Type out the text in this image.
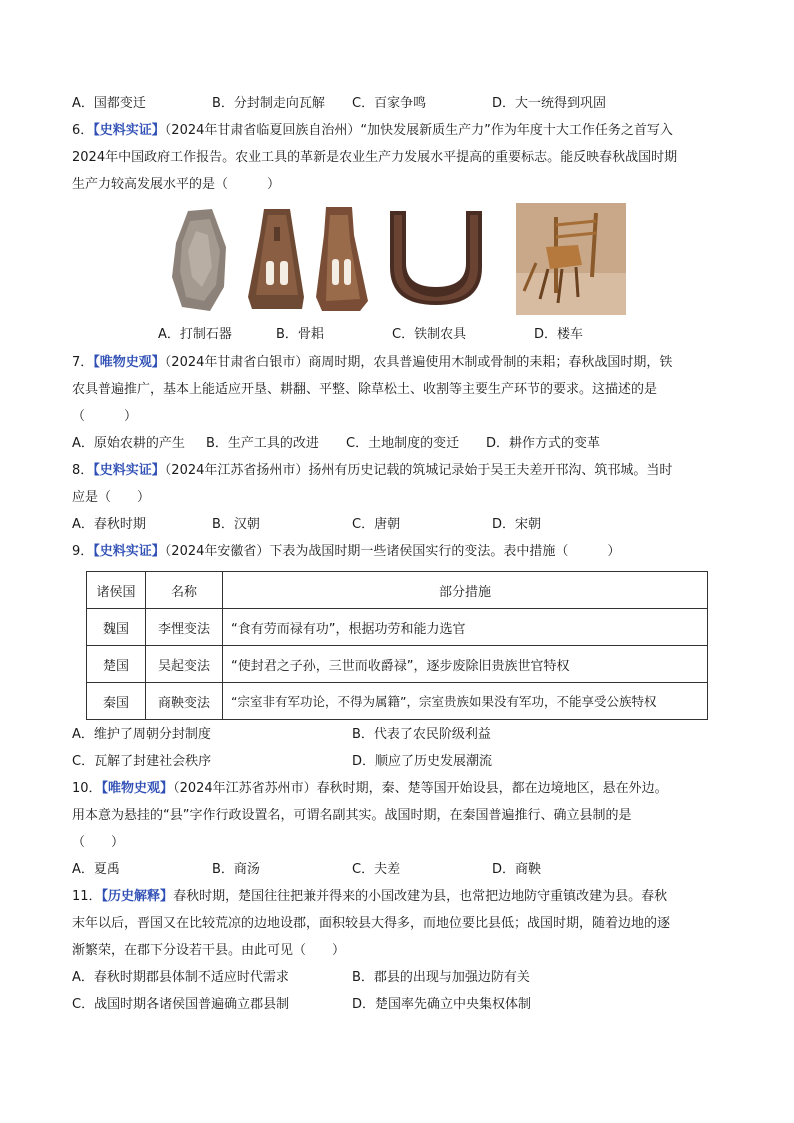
A．国都变迁	B．分封制走向瓦解 C．百家争鸣	D．大一统得到巩固
6．【史料实证】（2024年甘肃省临夏回族自治州）“加快发展新质生产力”作为年度十大工作任务之首写入
2024年中国政府工作报告。农业工具的革新是农业生产力发展水平提高的重要标志。能反映春秋战国时期
生产力较高发展水平的是（　　　）
A．打制石器	B．骨耜	C．铁制农具	D．楼车
7．【唯物史观】（2024年甘肃省白银市）商周时期，农具普遍使用木制或骨制的耒耜；春秋战国时期，铁
农具普遍推广，基本上能适应开垦、耕翻、平整、除草松土、收割等主要生产环节的要求。这描述的是
（　　　）
A．原始农耕的产生 B．生产工具的改进 C．土地制度的变迁 D．耕作方式的变革
8．【史料实证】（2024年江苏省扬州市）扬州有历史记载的筑城记录始于吴王夫差开邗沟、筑邗城。当时
应是（　　）
A．春秋时期	B．汉朝	C．唐朝	D．宋朝
9．【史料实证】（2024年安徽省）下表为战国时期一些诸侯国实行的变法。表中措施（　　　）
诸侯国	名称	部分措施
魏国	李悝变法	“食有劳而禄有功”，根据功劳和能力选官
楚国	吴起变法	“使封君之子孙，三世而收爵禄”，逐步废除旧贵族世官特权
秦国	商鞅变法	“宗室非有军功论，不得为属籍”，宗室贵族如果没有军功，不能享受公族特权
A．维护了周朝分封制度	B．代表了农民阶级利益
C．瓦解了封建社会秩序	D．顺应了历史发展潮流
10．【唯物史观】（2024年江苏省苏州市）春秋时期，秦、楚等国开始设县，都在边境地区，悬在外边。
用本意为悬挂的“县”字作行政设置名，可谓名副其实。战国时期，在秦国普遍推行、确立县制的是
（　　）
A．夏禹	B．商汤	C．夫差	D．商鞅
11．【历史解释】春秋时期，楚国往往把兼并得来的小国改建为县，也常把边地防守重镇改建为县。春秋
末年以后，晋国又在比较荒凉的边地设郡，面积较县大得多，而地位要比县低；战国时期，随着边地的逐
渐繁荣，在郡下分设若干县。由此可见（　　）
A．春秋时期郡县体制不适应时代需求	B．郡县的出现与加强边防有关
C．战国时期各诸侯国普遍确立郡县制	D．楚国率先确立中央集权体制
